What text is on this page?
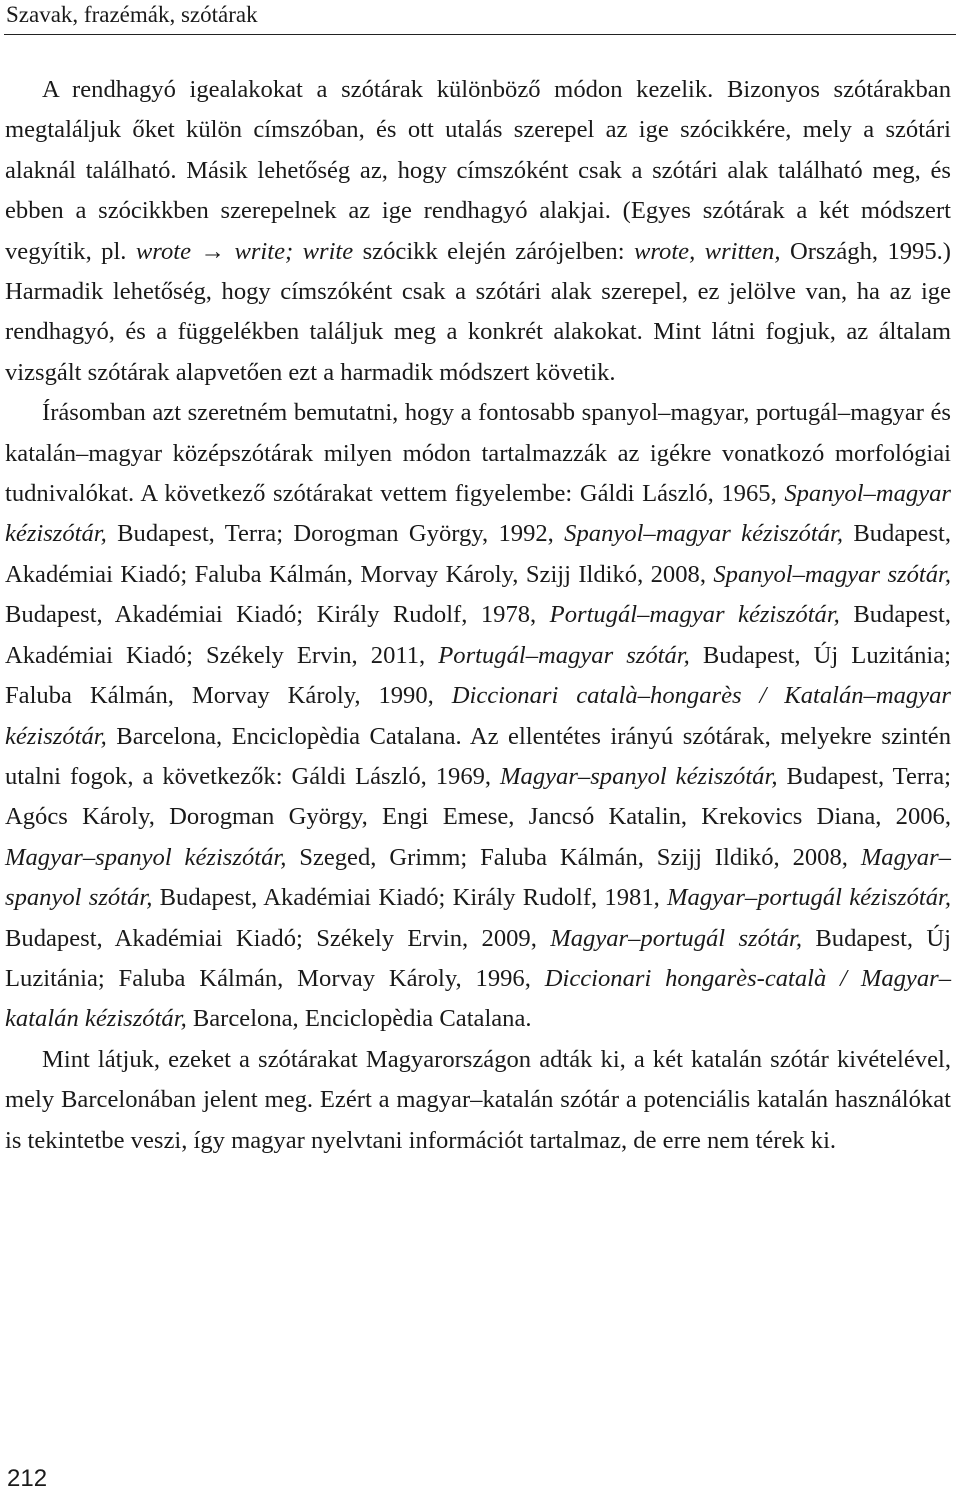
Szavak, frazémák, szótárak

A rendhagyó igealakokat a szótárak különböző módon kezelik. Bizonyos szótárakban megtaláljuk őket külön címszóban, és ott utalás szerepel az ige szócikkére, mely a szótári alaknál található. Másik lehetőség az, hogy címszóként csak a szótári alak található meg, és ebben a szócikkben szerepelnek az ige rendhagyó alakjai. (Egyes szótárak a két módszert vegyítik, pl. wrote → write; write szócikk elején zárójelben: wrote, written, Országh, 1995.) Harmadik lehetőség, hogy címszóként csak a szótári alak szerepel, ez jelölve van, ha az ige rendhagyó, és a függelékben találjuk meg a konkrét alakokat. Mint látni fogjuk, az általam vizsgált szótárak alapvetően ezt a harmadik módszert követik.

Írásomban azt szeretném bemutatni, hogy a fontosabb spanyol–magyar, portugál–magyar és katalán–magyar középszótárak milyen módon tartalmazzák az igékre vonatkozó morfológiai tudnivalókat. A következő szótárakat vettem figyelembe: Gáldi László, 1965, Spanyol–magyar kéziszótár, Budapest, Terra; Dorogman György, 1992, Spanyol–magyar kéziszótár, Budapest, Akadémiai Kiadó; Faluba Kálmán, Morvay Károly, Szijj Ildikó, 2008, Spanyol–magyar szótár, Budapest, Akadémiai Kiadó; Király Rudolf, 1978, Portugál–magyar kéziszótár, Budapest, Akadémiai Kiadó; Székely Ervin, 2011, Portugál–magyar szótár, Budapest, Új Luzitánia; Faluba Kálmán, Morvay Károly, 1990, Diccionari català–hongarès / Katalán–magyar kéziszótár, Barcelona, Enciclopèdia Catalana. Az ellentétes irányú szótárak, melyekre szintén utalni fogok, a következők: Gáldi László, 1969, Magyar–spanyol kéziszótár, Budapest, Terra; Agócs Károly, Dorogman György, Engi Emese, Jancsó Katalin, Krekovics Diana, 2006, Magyar–spanyol kéziszótár, Szeged, Grimm; Faluba Kálmán, Szijj Ildikó, 2008, Magyar–spanyol szótár, Budapest, Akadémiai Kiadó; Király Rudolf, 1981, Magyar–portugál kéziszótár, Budapest, Akadémiai Kiadó; Székely Ervin, 2009, Magyar–portugál szótár, Budapest, Új Luzitánia; Faluba Kálmán, Morvay Károly, 1996, Diccionari hongarès-català / Magyar–katalán kéziszótár, Barcelona, Enciclopèdia Catalana.

Mint látjuk, ezeket a szótárakat Magyarországon adták ki, a két katalán szótár kivételével, mely Barcelonában jelent meg. Ezért a magyar–katalán szótár a potenciális katalán használókat is tekintetbe veszi, így magyar nyelvtani információt tartalmaz, de erre nem térek ki.

212
